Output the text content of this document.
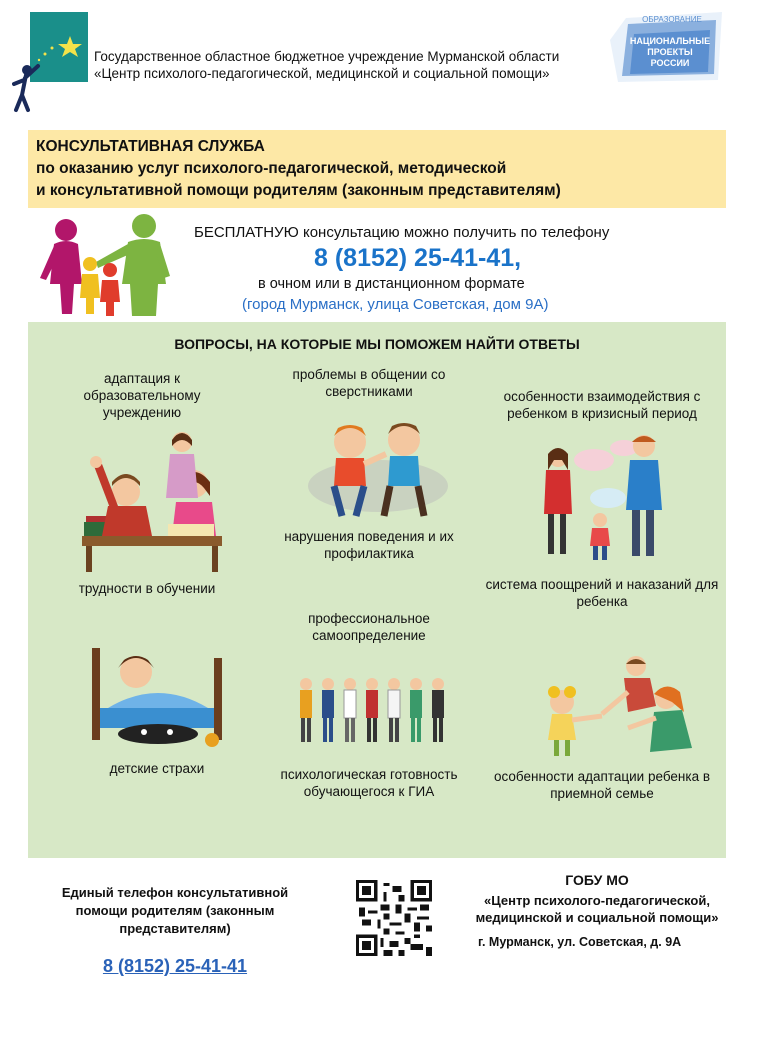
Государственное областное бюджетное учреждение Мурманской области
«Центр психолого-педагогической, медицинской и социальной помощи»
ОБРАЗОВАНИЕ
НАЦИОНАЛЬНЫЕ
ПРОЕКТЫ
РОССИИ
КОНСУЛЬТАТИВНАЯ СЛУЖБА
по оказанию услуг психолого-педагогической, методической
и консультативной помощи родителям (законным представителям)
БЕСПЛАТНУЮ консультацию можно получить по телефону
8 (8152) 25-41-41,
в очном или в дистанционном формате
(город Мурманск, улица Советская, дом 9А)
ВОПРОСЫ, НА КОТОРЫЕ МЫ ПОМОЖЕМ НАЙТИ ОТВЕТЫ
адаптация к образовательному учреждению
трудности в обучении
детские страхи
проблемы в общении со сверстниками
нарушения поведения и их профилактика
профессиональное самоопределение
психологическая готовность обучающегося к ГИА
особенности взаимодействия с ребенком в кризисный период
система поощрений и наказаний для ребенка
особенности адаптации ребенка в приемной семье
Единый телефон консультативной помощи родителям (законным представителям)
8 (8152) 25-41-41
ГОБУ МО
«Центр психолого-педагогической, медицинской и социальной помощи»
г. Мурманск, ул. Советская, д. 9А
